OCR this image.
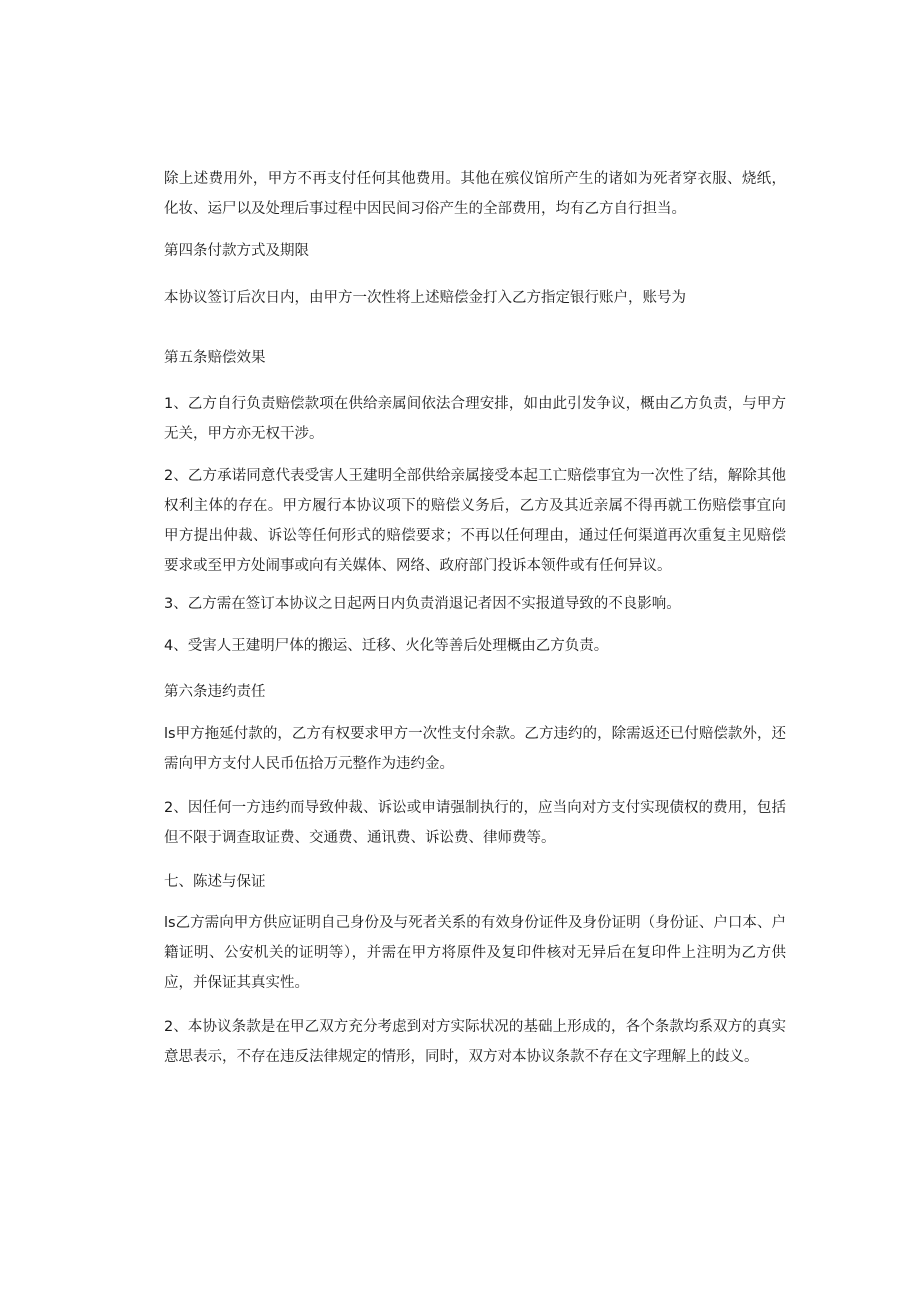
除上述费用外，甲方不再支付任何其他费用。其他在殡仪馆所产生的诸如为死者穿衣服、烧纸，化妆、运尸以及处理后事过程中因民间习俗产生的全部费用，均有乙方自行担当。
第四条付款方式及期限
本协议签订后次日内，由甲方一次性将上述赔偿金打入乙方指定银行账户，账号为
第五条赔偿效果
1、乙方自行负责赔偿款项在供给亲属间依法合理安排，如由此引发争议，概由乙方负责，与甲方无关，甲方亦无权干涉。
2、乙方承诺同意代表受害人王建明全部供给亲属接受本起工亡赔偿事宜为一次性了结，解除其他权利主体的存在。甲方履行本协议项下的赔偿义务后，乙方及其近亲属不得再就工伤赔偿事宜向甲方提出仲裁、诉讼等任何形式的赔偿要求；不再以任何理由，通过任何渠道再次重复主见赔偿要求或至甲方处闹事或向有关媒体、网络、政府部门投诉本领件或有任何异议。
3、乙方需在签订本协议之日起两日内负责消退记者因不实报道导致的不良影响。
4、受害人王建明尸体的搬运、迁移、火化等善后处理概由乙方负责。
第六条违约责任
ls甲方拖延付款的，乙方有权要求甲方一次性支付余款。乙方违约的，除需返还已付赔偿款外，还需向甲方支付人民币伍拾万元整作为违约金。
2、因任何一方违约而导致仲裁、诉讼或申请强制执行的，应当向对方支付实现债权的费用，包括但不限于调查取证费、交通费、通讯费、诉讼费、律师费等。
七、陈述与保证
ls乙方需向甲方供应证明自己身份及与死者关系的有效身份证件及身份证明（身份证、户口本、户籍证明、公安机关的证明等），并需在甲方将原件及复印件核对无异后在复印件上注明为乙方供应，并保证其真实性。
2、本协议条款是在甲乙双方充分考虑到对方实际状况的基础上形成的，各个条款均系双方的真实意思表示，不存在违反法律规定的情形，同时，双方对本协议条款不存在文字理解上的歧义。
